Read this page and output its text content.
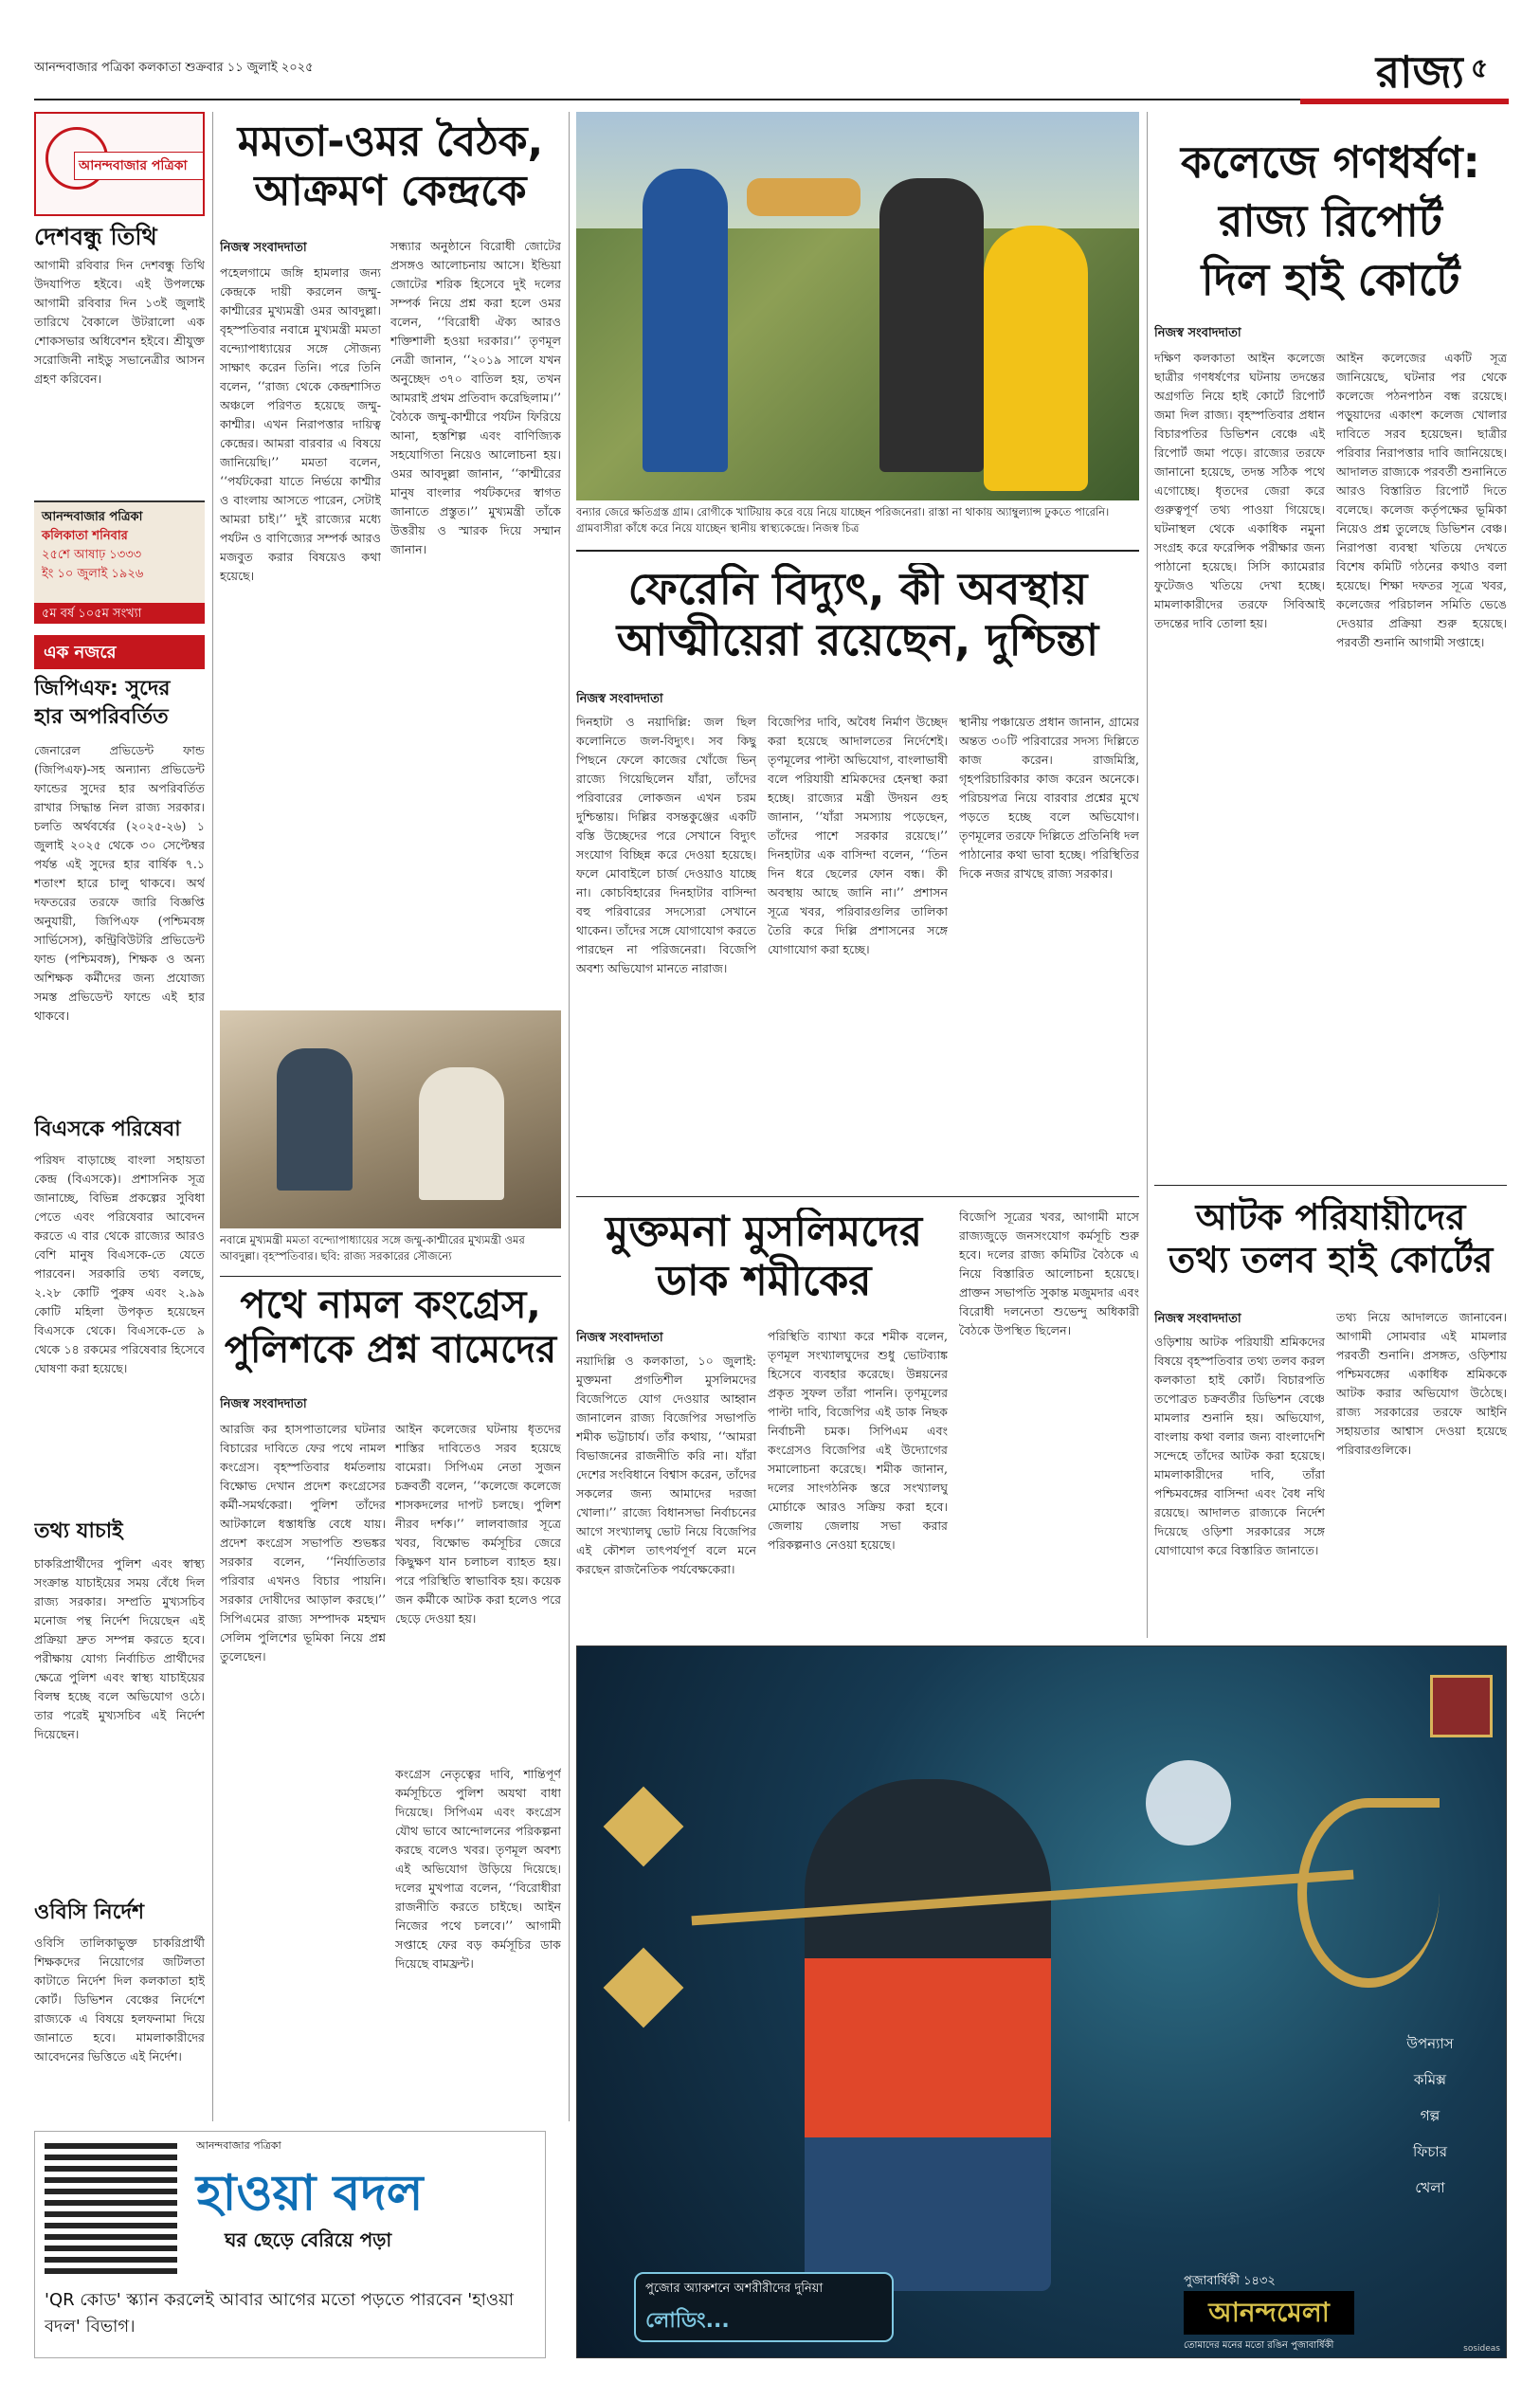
আনন্দবাজার পত্রিকা কলকাতা শুক্রবার ১১ জুলাই ২০২৫	রাজ্য ৫
আনন্দবাজার পত্রিকা
দেশবন্ধু তিথি
আগামী রবিবার দিন দেশবন্ধু তিথি উদযাপিত হইবে। এই উপলক্ষে আগামী রবিবার দিন ১৩ই জুলাই তারিখে বৈকালে উটরালো এক শোকসভার অধিবেশন হইবে। শ্রীযুক্ত সরোজিনী নাইডু সভানেত্রীর আসন গ্রহণ করিবেন।
আনন্দবাজার পত্রিকা
কলিকাতা শনিবার
২৫শে আষাঢ় ১৩৩৩
ইং ১০ জুলাই ১৯২৬
৫ম বর্ষ ১০৫ম সংখ্যা
এক নজরে
জিপিএফ: সুদের হার অপরিবর্তিত
জেনারেল প্রভিডেন্ট ফান্ড (জিপিএফ)-সহ অন্যান্য প্রভিডেন্ট ফান্ডের সুদের হার অপরিবর্তিত রাখার সিদ্ধান্ত নিল রাজ্য সরকার। চলতি অর্থবর্ষের (২০২৫-২৬) ১ জুলাই ২০২৫ থেকে ৩০ সেপ্টেম্বর পর্যন্ত এই সুদের হার বার্ষিক ৭.১ শতাংশ হারে চালু থাকবে। অর্থ দফতরের তরফে জারি বিজ্ঞপ্তি অনুযায়ী, জিপিএফ (পশ্চিমবঙ্গ সার্ভিসেস), কন্ট্রিবিউটরি প্রভিডেন্ট ফান্ড (পশ্চিমবঙ্গ), শিক্ষক ও অন্য অশিক্ষক কর্মীদের জন্য প্রযোজ্য সমস্ত প্রভিডেন্ট ফান্ডে এই হার থাকবে।
বিএসকে পরিষেবা
পরিষদ বাড়াচ্ছে বাংলা সহায়তা কেন্দ্র (বিএসকে)। প্রশাসনিক সূত্র জানাচ্ছে, বিভিন্ন প্রকল্পের সুবিধা পেতে এবং পরিষেবার আবেদন করতে এ বার থেকে রাজ্যের আরও বেশি মানুষ বিএসকে-তে যেতে পারবেন। সরকারি তথ্য বলছে, ২.২৮ কোটি পুরুষ এবং ২.৯৯ কোটি মহিলা উপকৃত হয়েছেন বিএসকে থেকে। বিএসকে-তে ৯ থেকে ১৪ রকমের পরিষেবার হিসেবে ঘোষণা করা হয়েছে।
তথ্য যাচাই
চাকরিপ্রার্থীদের পুলিশ এবং স্বাস্থ্য সংক্রান্ত যাচাইয়ের সময় বেঁধে দিল রাজ্য সরকার। সম্প্রতি মুখ্যসচিব মনোজ পন্থ নির্দেশ দিয়েছেন এই প্রক্রিয়া দ্রুত সম্পন্ন করতে হবে। পরীক্ষায় যোগ্য নির্বাচিত প্রার্থীদের ক্ষেত্রে পুলিশ এবং স্বাস্থ্য যাচাইয়ের বিলম্ব হচ্ছে বলে অভিযোগ ওঠে। তার পরেই মুখ্যসচিব এই নির্দেশ দিয়েছেন।
ওবিসি নির্দেশ
ওবিসি তালিকাভুক্ত চাকরিপ্রার্থী শিক্ষকদের নিয়োগের জটিলতা কাটাতে নির্দেশ দিল কলকাতা হাই কোর্ট। ডিভিশন বেঞ্চের নির্দেশে রাজ্যকে এ বিষয়ে হলফনামা দিয়ে জানাতে হবে। মামলাকারীদের আবেদনের ভিত্তিতে এই নির্দেশ।
আনন্দবাজার পত্রিকা
হাওয়া বদল
ঘর ছেড়ে বেরিয়ে পড়া
'QR কোড' স্ক্যান করলেই আবার আগের মতো পড়তে পারবেন 'হাওয়া বদল' বিভাগ।
মমতা-ওমর বৈঠক,
আক্রমণ কেন্দ্রকে
নিজস্ব সংবাদদাতা
পহেলগামে জঙ্গি হামলার জন্য কেন্দ্রকে দায়ী করলেন জম্মু-কাশ্মীরের মুখ্যমন্ত্রী ওমর আবদুল্লা। বৃহস্পতিবার নবান্নে মুখ্যমন্ত্রী মমতা বন্দ্যোপাধ্যায়ের সঙ্গে সৌজন্য সাক্ষাৎ করেন তিনি। পরে তিনি বলেন, ‘‘রাজ্য থেকে কেন্দ্রশাসিত অঞ্চলে পরিণত হয়েছে জম্মু-কাশ্মীর। এখন নিরাপত্তার দায়িত্ব কেন্দ্রের। আমরা বারবার এ বিষয়ে জানিয়েছি।’’ মমতা বলেন, ‘‘পর্যটকেরা যাতে নির্ভয়ে কাশ্মীর ও বাংলায় আসতে পারেন, সেটাই আমরা চাই।’’ দুই রাজ্যের মধ্যে পর্যটন ও বাণিজ্যের সম্পর্ক আরও মজবুত করার বিষয়েও কথা হয়েছে।
সন্ধ্যার অনুষ্ঠানে বিরোধী জোটের প্রসঙ্গও আলোচনায় আসে। ইন্ডিয়া জোটের শরিক হিসেবে দুই দলের সম্পর্ক নিয়ে প্রশ্ন করা হলে ওমর বলেন, ‘‘বিরোধী ঐক্য আরও শক্তিশালী হওয়া দরকার।’’ তৃণমূল নেত্রী জানান, ‘‘২০১৯ সালে যখন অনুচ্ছেদ ৩৭০ বাতিল হয়, তখন আমরাই প্রথম প্রতিবাদ করেছিলাম।’’ বৈঠকে জম্মু-কাশ্মীরে পর্যটন ফিরিয়ে আনা, হস্তশিল্প এবং বাণিজ্যিক সহযোগিতা নিয়েও আলোচনা হয়। ওমর আবদুল্লা জানান, ‘‘কাশ্মীরের মানুষ বাংলার পর্যটকদের স্বাগত জানাতে প্রস্তুত।’’ মুখ্যমন্ত্রী তাঁকে উত্তরীয় ও স্মারক দিয়ে সম্মান জানান।
নবান্নে মুখ্যমন্ত্রী মমতা বন্দ্যোপাধ্যায়ের সঙ্গে জম্মু-কাশ্মীরের মুখ্যমন্ত্রী ওমর আবদুল্লা। বৃহস্পতিবার। ছবি: রাজ্য সরকারের সৌজন্যে
পথে নামল কংগ্রেস,
পুলিশকে প্রশ্ন বামেদের
নিজস্ব সংবাদদাতা
আরজি কর হাসপাতালের ঘটনার বিচারের দাবিতে ফের পথে নামল কংগ্রেস। বৃহস্পতিবার ধর্মতলায় বিক্ষোভ দেখান প্রদেশ কংগ্রেসের কর্মী-সমর্থকেরা। পুলিশ তাঁদের আটকালে ধস্তাধস্তি বেধে যায়। প্রদেশ কংগ্রেস সভাপতি শুভঙ্কর সরকার বলেন, ‘‘নির্যাতিতার পরিবার এখনও বিচার পায়নি। সরকার দোষীদের আড়াল করছে।’’ সিপিএমের রাজ্য সম্পাদক মহম্মদ সেলিম পুলিশের ভূমিকা নিয়ে প্রশ্ন তুলেছেন।
আইন কলেজের ঘটনায় ধৃতদের শাস্তির দাবিতেও সরব হয়েছে বামেরা। সিপিএম নেতা সুজন চক্রবর্তী বলেন, ‘‘কলেজে কলেজে শাসকদলের দাপট চলছে। পুলিশ নীরব দর্শক।’’ লালবাজার সূত্রে খবর, বিক্ষোভ কর্মসূচির জেরে কিছুক্ষণ যান চলাচল ব্যাহত হয়। পরে পরিস্থিতি স্বাভাবিক হয়। কয়েক জন কর্মীকে আটক করা হলেও পরে ছেড়ে দেওয়া হয়।
কংগ্রেস নেতৃত্বের দাবি, শান্তিপূর্ণ কর্মসূচিতে পুলিশ অযথা বাধা দিয়েছে। সিপিএম এবং কংগ্রেস যৌথ ভাবে আন্দোলনের পরিকল্পনা করছে বলেও খবর। তৃণমূল অবশ্য এই অভিযোগ উড়িয়ে দিয়েছে। দলের মুখপাত্র বলেন, ‘‘বিরোধীরা রাজনীতি করতে চাইছে। আইন নিজের পথে চলবে।’’ আগামী সপ্তাহে ফের বড় কর্মসূচির ডাক দিয়েছে বামফ্রন্ট।
বন্যার জেরে ক্ষতিগ্রস্ত গ্রাম। রোগীকে খাটিয়ায় করে বয়ে নিয়ে যাচ্ছেন পরিজনেরা। রাস্তা না থাকায় অ্যাম্বুল্যান্স ঢুকতে পারেনি। গ্রামবাসীরা কাঁধে করে নিয়ে যাচ্ছেন স্থানীয় স্বাস্থ্যকেন্দ্রে। নিজস্ব চিত্র
ফেরেনি বিদ্যুৎ, কী অবস্থায়
আত্মীয়েরা রয়েছেন, দুশ্চিন্তা
নিজস্ব সংবাদদাতা
দিনহাটা ও নয়াদিল্লি: জল ছিল কলোনিতে জল-বিদ্যুৎ। সব কিছু পিছনে ফেলে কাজের খোঁজে ভিন্ রাজ্যে গিয়েছিলেন যাঁরা, তাঁদের পরিবারের লোকজন এখন চরম দুশ্চিন্তায়। দিল্লির বসন্তকুঞ্জের একটি বস্তি উচ্ছেদের পরে সেখানে বিদ্যুৎ সংযোগ বিচ্ছিন্ন করে দেওয়া হয়েছে। ফলে মোবাইলে চার্জ দেওয়াও যাচ্ছে না। কোচবিহারের দিনহাটার বাসিন্দা বহু পরিবারের সদস্যেরা সেখানে থাকেন। তাঁদের সঙ্গে যোগাযোগ করতে পারছেন না পরিজনেরা। বিজেপি অবশ্য অভিযোগ মানতে নারাজ।
বিজেপির দাবি, অবৈধ নির্মাণ উচ্ছেদ করা হয়েছে আদালতের নির্দেশেই। তৃণমূলের পাল্টা অভিযোগ, বাংলাভাষী বলে পরিযায়ী শ্রমিকদের হেনস্থা করা হচ্ছে। রাজ্যের মন্ত্রী উদয়ন গুহ জানান, ‘‘যাঁরা সমস্যায় পড়েছেন, তাঁদের পাশে সরকার রয়েছে।’’ দিনহাটার এক বাসিন্দা বলেন, ‘‘তিন দিন ধরে ছেলের ফোন বন্ধ। কী অবস্থায় আছে জানি না।’’ প্রশাসন সূত্রে খবর, পরিবারগুলির তালিকা তৈরি করে দিল্লি প্রশাসনের সঙ্গে যোগাযোগ করা হচ্ছে।
স্থানীয় পঞ্চায়েত প্রধান জানান, গ্রামের অন্তত ৩০টি পরিবারের সদস্য দিল্লিতে কাজ করেন। রাজমিস্ত্রি, গৃহপরিচারিকার কাজ করেন অনেকে। পরিচয়পত্র নিয়ে বারবার প্রশ্নের মুখে পড়তে হচ্ছে বলে অভিযোগ। তৃণমূলের তরফে দিল্লিতে প্রতিনিধি দল পাঠানোর কথা ভাবা হচ্ছে। পরিস্থিতির দিকে নজর রাখছে রাজ্য সরকার।
মুক্তমনা মুসলিমদের
ডাক শমীকের
নিজস্ব সংবাদদাতা
নয়াদিল্লি ও কলকাতা, ১০ জুলাই: মুক্তমনা প্রগতিশীল মুসলিমদের বিজেপিতে যোগ দেওয়ার আহ্বান জানালেন রাজ্য বিজেপির সভাপতি শমীক ভট্টাচার্য। তাঁর কথায়, ‘‘আমরা বিভাজনের রাজনীতি করি না। যাঁরা দেশের সংবিধানে বিশ্বাস করেন, তাঁদের সকলের জন্য আমাদের দরজা খোলা।’’ রাজ্যে বিধানসভা নির্বাচনের আগে সংখ্যালঘু ভোট নিয়ে বিজেপির এই কৌশল তাৎপর্যপূর্ণ বলে মনে করছেন রাজনৈতিক পর্যবেক্ষকেরা।
পরিস্থিতি ব্যাখ্যা করে শমীক বলেন, তৃণমূল সংখ্যালঘুদের শুধু ভোটব্যাঙ্ক হিসেবে ব্যবহার করেছে। উন্নয়নের প্রকৃত সুফল তাঁরা পাননি। তৃণমূলের পাল্টা দাবি, বিজেপির এই ডাক নিছক নির্বাচনী চমক। সিপিএম এবং কংগ্রেসও বিজেপির এই উদ্যোগের সমালোচনা করেছে। শমীক জানান, দলের সাংগঠনিক স্তরে সংখ্যালঘু মোর্চাকে আরও সক্রিয় করা হবে। জেলায় জেলায় সভা করার পরিকল্পনাও নেওয়া হয়েছে।
বিজেপি সূত্রের খবর, আগামী মাসে রাজ্যজুড়ে জনসংযোগ কর্মসূচি শুরু হবে। দলের রাজ্য কমিটির বৈঠকে এ নিয়ে বিস্তারিত আলোচনা হয়েছে। প্রাক্তন সভাপতি সুকান্ত মজুমদার এবং বিরোধী দলনেতা শুভেন্দু অধিকারী বৈঠকে উপস্থিত ছিলেন।
কলেজে গণধর্ষণ:
রাজ্য রিপোর্ট
দিল হাই কোর্টে
নিজস্ব সংবাদদাতা
দক্ষিণ কলকাতা আইন কলেজে ছাত্রীর গণধর্ষণের ঘটনায় তদন্তের অগ্রগতি নিয়ে হাই কোর্টে রিপোর্ট জমা দিল রাজ্য। বৃহস্পতিবার প্রধান বিচারপতির ডিভিশন বেঞ্চে এই রিপোর্ট জমা পড়ে। রাজ্যের তরফে জানানো হয়েছে, তদন্ত সঠিক পথে এগোচ্ছে। ধৃতদের জেরা করে গুরুত্বপূর্ণ তথ্য পাওয়া গিয়েছে। ঘটনাস্থল থেকে একাধিক নমুনা সংগ্রহ করে ফরেন্সিক পরীক্ষার জন্য পাঠানো হয়েছে। সিসি ক্যামেরার ফুটেজও খতিয়ে দেখা হচ্ছে। মামলাকারীদের তরফে সিবিআই তদন্তের দাবি তোলা হয়।
আইন কলেজের একটি সূত্র জানিয়েছে, ঘটনার পর থেকে কলেজে পঠনপাঠন বন্ধ রয়েছে। পড়ুয়াদের একাংশ কলেজ খোলার দাবিতে সরব হয়েছেন। ছাত্রীর পরিবার নিরাপত্তার দাবি জানিয়েছে। আদালত রাজ্যকে পরবর্তী শুনানিতে আরও বিস্তারিত রিপোর্ট দিতে বলেছে। কলেজ কর্তৃপক্ষের ভূমিকা নিয়েও প্রশ্ন তুলেছে ডিভিশন বেঞ্চ। নিরাপত্তা ব্যবস্থা খতিয়ে দেখতে বিশেষ কমিটি গঠনের কথাও বলা হয়েছে। শিক্ষা দফতর সূত্রে খবর, কলেজের পরিচালন সমিতি ভেঙে দেওয়ার প্রক্রিয়া শুরু হয়েছে। পরবর্তী শুনানি আগামী সপ্তাহে।
আটক পরিযায়ীদের
তথ্য তলব হাই কোর্টের
নিজস্ব সংবাদদাতা
ওড়িশায় আটক পরিযায়ী শ্রমিকদের বিষয়ে বৃহস্পতিবার তথ্য তলব করল কলকাতা হাই কোর্ট। বিচারপতি তপোব্রত চক্রবর্তীর ডিভিশন বেঞ্চে মামলার শুনানি হয়। অভিযোগ, বাংলায় কথা বলার জন্য বাংলাদেশি সন্দেহে তাঁদের আটক করা হয়েছে। মামলাকারীদের দাবি, তাঁরা পশ্চিমবঙ্গের বাসিন্দা এবং বৈধ নথি রয়েছে। আদালত রাজ্যকে নির্দেশ দিয়েছে ওড়িশা সরকারের সঙ্গে যোগাযোগ করে বিস্তারিত জানাতে।
তথ্য নিয়ে আদালতে জানাবেন। আগামী সোমবার এই মামলার পরবর্তী শুনানি। প্রসঙ্গত, ওড়িশায় পশ্চিমবঙ্গের একাধিক শ্রমিককে আটক করার অভিযোগ উঠেছে। রাজ্য সরকারের তরফে আইনি সহায়তার আশ্বাস দেওয়া হয়েছে পরিবারগুলিকে।
উপন্যাস
কমিক্স
গল্প
ফিচার
খেলা
পুজাবার্ষিকী ১৪৩২
আনন্দমেলা
তোমাদের মনের মতো রঙিন পুজাবার্ষিকী
পুজোর অ্যাকশনে অশরীরীদের দুনিয়া
লোডিং...
sosideas
